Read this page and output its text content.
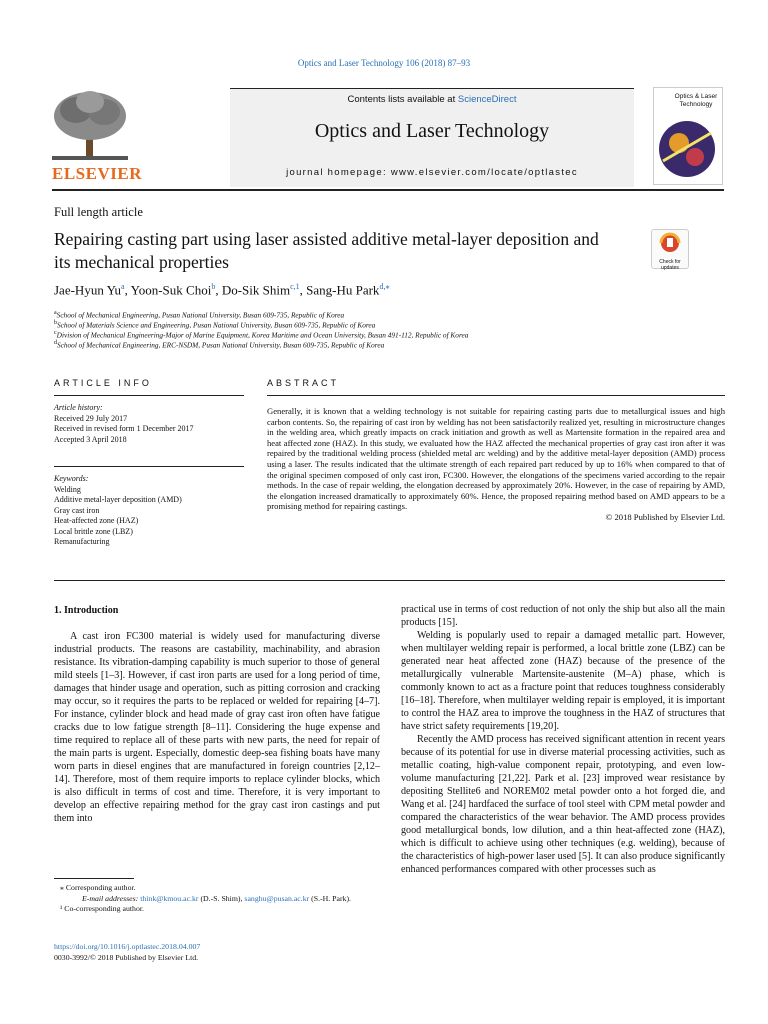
Optics and Laser Technology 106 (2018) 87–93
ELSEVIER
Contents lists available at ScienceDirect
Optics and Laser Technology
journal homepage: www.elsevier.com/locate/optlastec
Optics & Laser Technology
Full length article
Repairing casting part using laser assisted additive metal-layer deposition and its mechanical properties	Check for updates
Jae-Hyun Yu$^a$, Yoon-Suk Choi$^b$, Do-Sik Shim$^{c,1}$, Sang-Hu Park$^{d,⁎}$
$^a$School of Mechanical Engineering, Pusan National University, Busan 609-735, Republic of Korea
$^b$School of Materials Science and Engineering, Pusan National University, Busan 609-735, Republic of Korea
$^c$Division of Mechanical Engineering-Major of Marine Equipment, Korea Maritime and Ocean University, Busan 491-112, Republic of Korea
$^d$School of Mechanical Engineering, ERC-NSDM, Pusan National University, Busan 609-735, Republic of Korea
ARTICLE INFO
Article history:
Received 29 July 2017
Received in revised form 1 December 2017
Accepted 3 April 2018
Keywords:
Welding
Additive metal-layer deposition (AMD)
Gray cast iron
Heat-affected zone (HAZ)
Local brittle zone (LBZ)
Remanufacturing
ABSTRACT
Generally, it is known that a welding technology is not suitable for repairing casting parts due to metallurgical issues and high carbon contents. So, the repairing of cast iron by welding has not been satisfactorily realized yet, resulting in microstructure changes in the welding area, which greatly impacts on crack initiation and growth as well as Martensite formation in the repaired area and heat affected zone (HAZ). In this study, we evaluated how the HAZ affected the mechanical properties of gray cast iron after it was repaired by the traditional welding process (shielded metal arc welding) and by the additive metal-layer deposition (AMD) process using a laser. The results indicated that the ultimate strength of each repaired part reduced by up to 16% when compared to that of the original specimen composed of only cast iron, FC300. However, the elongations of the specimens varied according to the repair methods. In the case of repair welding, the elongation decreased by approximately 20%. However, in the case of repairing by AMD, the elongation increased dramatically to approximately 60%. Hence, the proposed repairing method based on AMD appears to be a promising method for repairing castings.
© 2018 Published by Elsevier Ltd.
1. Introduction

A cast iron FC300 material is widely used for manufacturing diverse industrial products. The reasons are castability, machinability, and abrasion resistance. Its vibration-damping capability is much superior to those of general mild steels [1–3]. However, if cast iron parts are used for a long period of time, damages that hinder usage and operation, such as pitting corrosion and cracking may occur, so it requires the parts to be replaced or welded for repairing [4–7]. For instance, cylinder block and head made of gray cast iron often have fatigue cracks due to low fatigue strength [8–11]. Considering the huge expense and time required to replace all of these parts with new parts, the need for repair of the main parts is urgent. Especially, domestic deep-sea fishing boats have many worn parts in diesel engines that are manufactured in foreign countries [2,12–14]. Therefore, most of them require imports to replace cylinder blocks, which is also difficult in terms of cost and time. Therefore, it is very important to develop an effective repairing method for the gray cast iron castings and put them into

practical use in terms of cost reduction of not only the ship but also all the main products [15].

Welding is popularly used to repair a damaged metallic part. However, when multilayer welding repair is performed, a local brittle zone (LBZ) can be generated near heat affected zone (HAZ) because of the presence of the metallurgically vulnerable Martensite-austenite (M–A) phase, which is commonly known to act as a fracture point that reduces toughness considerably [16–18]. Therefore, when multilayer welding repair is employed, it is important to control the HAZ area to improve the toughness in the HAZ of structures that have strict safety requirements [19,20].

Recently the AMD process has received significant attention in recent years because of its potential for use in diverse material processing activities, such as metallic coating, high-value component repair, prototyping, and even low-volume manufacturing [21,22]. Park et al. [23] improved wear resistance by depositing Stellite6 and NOREM02 metal powder onto a hot forged die, and Wang et al. [24] hardfaced the surface of tool steel with CPM metal powder and compared the characteristics of the wear behavior. The AMD process provides good metallurgical bonds, low dilution, and a thin heat-affected zone (HAZ), which is difficult to achieve using other techniques (e.g. welding), because of the characteristics of high-power laser used [5]. It can also produce significantly enhanced performances compared with other processes such as

⁎ Corresponding author.
E-mail addresses: think@kmou.ac.kr (D.-S. Shim), sanghu@pusan.ac.kr (S.-H. Park).
¹ Co-corresponding author.
https://doi.org/10.1016/j.optlastec.2018.04.007
0030-3992/© 2018 Published by Elsevier Ltd.
